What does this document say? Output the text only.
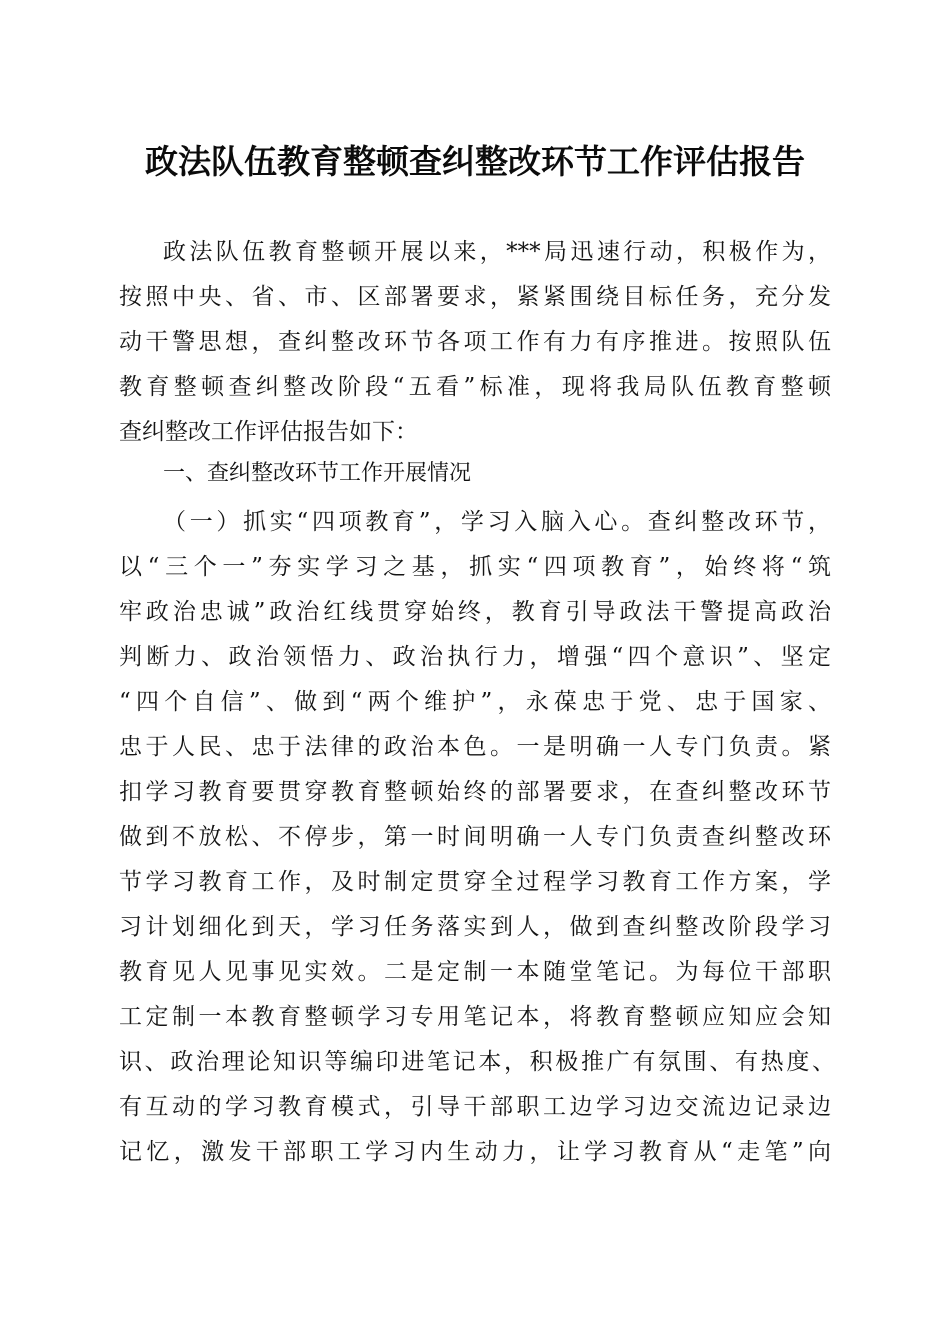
政法队伍教育整顿查纠整改环节工作评估报告
政法队伍教育整顿开展以来，***局迅速行动，积极作为，
按照中央、省、市、区部署要求，紧紧围绕目标任务，充分发
动干警思想，查纠整改环节各项工作有力有序推进。按照队伍
教育整顿查纠整改阶段“五看”标准，现将我局队伍教育整顿
查纠整改工作评估报告如下：
一、查纠整改环节工作开展情况
（一）抓实“四项教育”，学习入脑入心。查纠整改环节，
以“三个一”夯实学习之基，抓实“四项教育”，始终将“筑
牢政治忠诚”政治红线贯穿始终，教育引导政法干警提高政治
判断力、政治领悟力、政治执行力，增强“四个意识”、坚定
“四个自信”、做到“两个维护”，永葆忠于党、忠于国家、
忠于人民、忠于法律的政治本色。一是明确一人专门负责。紧
扣学习教育要贯穿教育整顿始终的部署要求，在查纠整改环节
做到不放松、不停步，第一时间明确一人专门负责查纠整改环
节学习教育工作，及时制定贯穿全过程学习教育工作方案，学
习计划细化到天，学习任务落实到人，做到查纠整改阶段学习
教育见人见事见实效。二是定制一本随堂笔记。为每位干部职
工定制一本教育整顿学习专用笔记本，将教育整顿应知应会知
识、政治理论知识等编印进笔记本，积极推广有氛围、有热度、
有互动的学习教育模式，引导干部职工边学习边交流边记录边
记忆，激发干部职工学习内生动力，让学习教育从“走笔”向
